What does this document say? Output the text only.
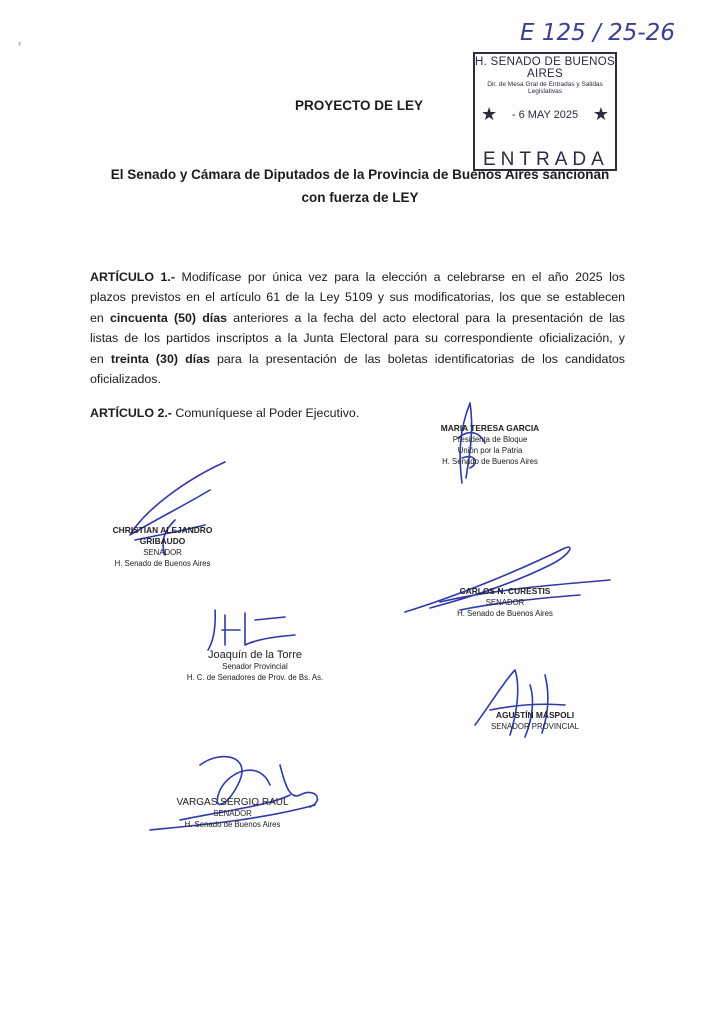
›	E 125 / 25-26
H. SENADO DE BUENOS AIRES
Dir. de Mesa Gral de Entradas y Salidas Legislativas
★	- 6 MAY 2025 ★
ENTRADA
PROYECTO DE LEY
El Senado y Cámara de Diputados de la Provincia de Buenos Aires sancionan
con fuerza de LEY
ARTÍCULO 1.- Modifícase por única vez para la elección a celebrarse en el año 2025 los
plazos previstos en el artículo 61 de la Ley 5109 y sus modificatorias, los que se establecen
en cincuenta (50) días anteriores a la fecha del acto electoral para la presentación de las
listas de los partidos inscriptos a la Junta Electoral para su correspondiente oficialización, y
en treinta (30) días para la presentación de las boletas identificatorias de los candidatos
oficializados.
ARTÍCULO 2.- Comuníquese al Poder Ejecutivo.
MARIA TERESA GARCIA
Presidenta de Bloque
Unión por la Patria
H. Senado de Buenos Aires
CHRISTIAN ALEJANDRO GRIBAUDO
SENADOR
H. Senado de Buenos Aires
CARLOS N. CURESTIS
SENADOR
H. Senado de Buenos Aires
Joaquín de la Torre
Senador Provincial
H. C. de Senadores de Prov. de Bs. As.
AGUSTÍN MÁSPOLI
SENADOR PROVINCIAL
VARGAS SERGIO RAUL
SENADOR
H. Senado de Buenos Aires
